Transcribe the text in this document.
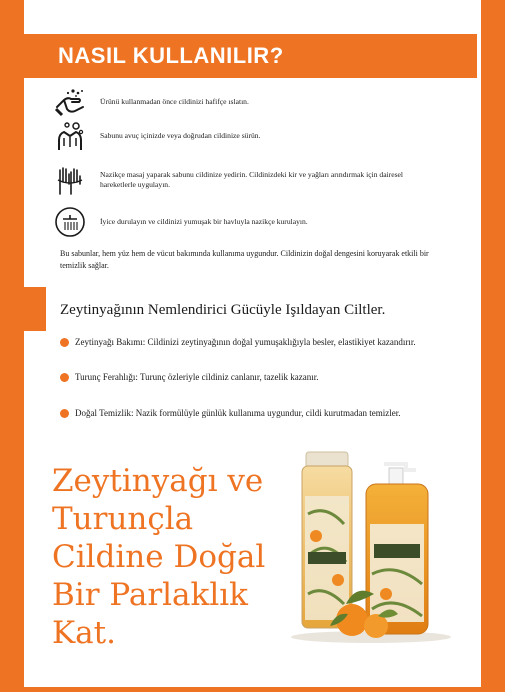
NASIL KULLANILIR?
Ürünü kullanmadan önce cildinizi hafifçe ıslatın.
Sabunu avuç içinizde veya doğrudan cildinize sürün.
Nazikçe masaj yaparak sabunu cildinize yedirin. Cildinizdeki kir ve yağları arındırmak için dairesel hareketlerle uygulayın.
İyice durulayın ve cildinizi yumuşak bir havluyla nazikçe kurulayın.
Bu sabunlar, hem yüz hem de vücut bakımında kullanıma uygundur. Cildinizin doğal dengesini koruyarak etkili bir temizlik sağlar.
Zeytinyağının Nemlendirici Gücüyle Işıldayan Ciltler.
Zeytinyağı Bakımı: Cildinizi zeytinyağının doğal yumuşaklığıyla besler, elastikiyet kazandırır.
Turunç Ferahlığı: Turunç özleriyle cildiniz canlanır, tazelik kazanır.
Doğal Temizlik: Nazik formülüyle günlük kullanıma uygundur, cildi kurutmadan temizler.
Zeytinyağı ve
Turunçla
Cildine Doğal
Bir Parlaklık
Kat.
